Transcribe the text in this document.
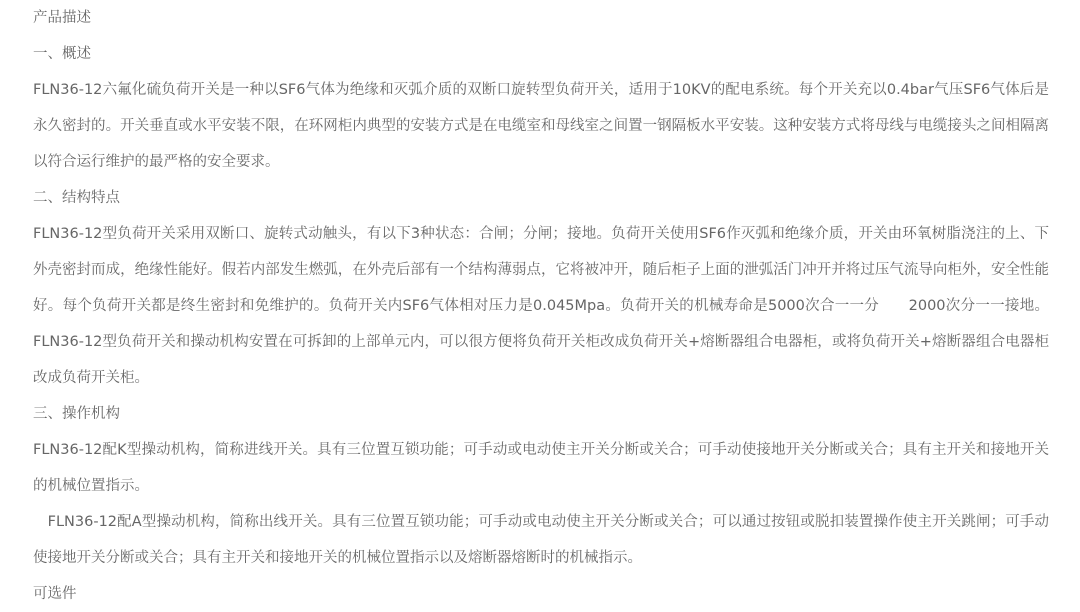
产品描述

一、概述

FLN36-12六氟化硫负荷开关是一种以SF6气体为绝缘和灭弧介质的双断口旋转型负荷开关，适用于10KV的配电系统。每个开关充以0.4bar气压SF6气体后是永久密封的。开关垂直或水平安装不限，在环网柜内典型的安装方式是在电缆室和母线室之间置一钢隔板水平安装。这种安装方式将母线与电缆接头之间相隔离以符合运行维护的最严格的安全要求。

二、结构特点

FLN36-12型负荷开关采用双断口、旋转式动触头，有以下3种状态：合闸；分闸；接地。负荷开关使用SF6作灭弧和绝缘介质，开关由环氧树脂浇注的上、下外壳密封而成，绝缘性能好。假若内部发生燃弧，在外壳后部有一个结构薄弱点，它将被冲开，随后柜子上面的泄弧活门冲开并将过压气流导向柜外，安全性能好。每个负荷开关都是终生密封和免维护的。负荷开关内SF6气体相对压力是0.045Mpa。负荷开关的机械寿命是5000次合一一分　　2000次分一一接地。FLN36-12型负荷开关和操动机构安置在可拆卸的上部单元内，可以很方便将负荷开关柜改成负荷开关+熔断器组合电器柜，或将负荷开关+熔断器组合电器柜改成负荷开关柜。

三、操作机构

FLN36-12配K型操动机构，简称进线开关。具有三位置互锁功能；可手动或电动使主开关分断或关合；可手动使接地开关分断或关合；具有主开关和接地开关的机械位置指示。

　FLN36-12配A型操动机构，简称出线开关。具有三位置互锁功能；可手动或电动使主开关分断或关合；可以通过按钮或脱扣装置操作使主开关跳闸；可手动使接地开关分断或关合；具有主开关和接地开关的机械位置指示以及熔断器熔断时的机械指示。

可选件
